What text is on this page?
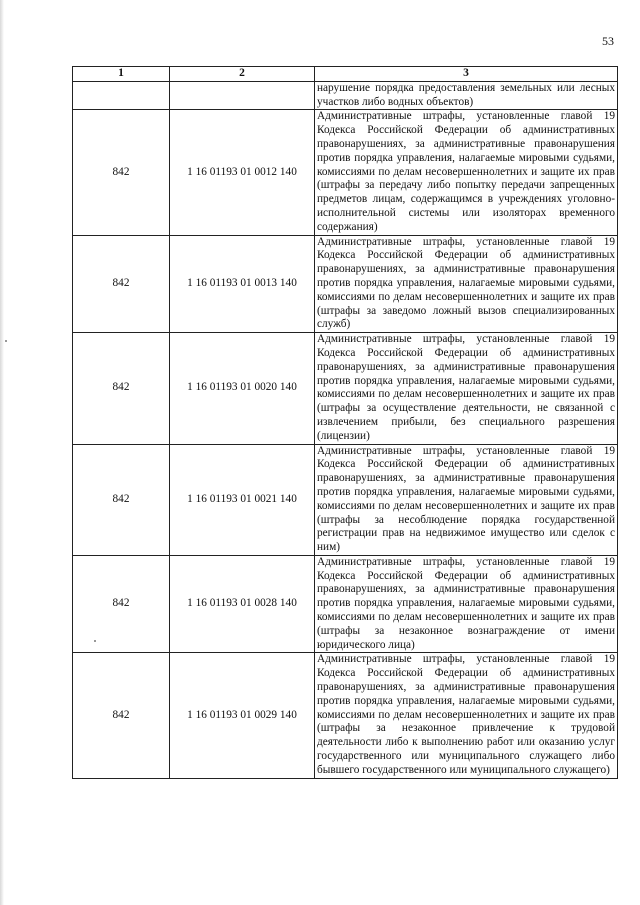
53
1	2	3

		нарушение порядка предоставления земельных или лесных участков либо водных объектов)

842	1 16 01193 01 0012 140	Административные штрафы, установленные главой 19 Кодекса Российской Федерации об административных правонарушениях, за административные правонарушения против порядка управления, налагаемые мировыми судьями, комиссиями по делам несовершеннолетних и защите их прав (штрафы за передачу либо попытку передачи запрещенных предметов лицам, содержащимся в учреждениях уголовно-исполнительной системы или изоляторах временного содержания)

842	1 16 01193 01 0013 140	Административные штрафы, установленные главой 19 Кодекса Российской Федерации об административных правонарушениях, за административные правонарушения против порядка управления, налагаемые мировыми судьями, комиссиями по делам несовершеннолетних и защите их прав (штрафы за заведомо ложный вызов специализированных служб)

842	1 16 01193 01 0020 140	Административные штрафы, установленные главой 19 Кодекса Российской Федерации об административных правонарушениях, за административные правонарушения против порядка управления, налагаемые мировыми судьями, комиссиями по делам несовершеннолетних и защите их прав (штрафы за осуществление деятельности, не связанной с извлечением прибыли, без специального разрешения (лицензии)

842	1 16 01193 01 0021 140	Административные штрафы, установленные главой 19 Кодекса Российской Федерации об административных правонарушениях, за административные правонарушения против порядка управления, налагаемые мировыми судьями, комиссиями по делам несовершеннолетних и защите их прав (штрафы за несоблюдение порядка государственной регистрации прав на недвижимое имущество или сделок с ним)

842	1 16 01193 01 0028 140	Административные штрафы, установленные главой 19 Кодекса Российской Федерации об административных правонарушениях, за административные правонарушения против порядка управления, налагаемые мировыми судьями, комиссиями по делам несовершеннолетних и защите их прав (штрафы за незаконное вознаграждение от имени юридического лица)

842	1 16 01193 01 0029 140	Административные штрафы, установленные главой 19 Кодекса Российской Федерации об административных правонарушениях, за административные правонарушения против порядка управления, налагаемые мировыми судьями, комиссиями по делам несовершеннолетних и защите их прав (штрафы за незаконное привлечение к трудовой деятельности либо к выполнению работ или оказанию услуг государственного или муниципального служащего либо бывшего государственного или муниципального служащего)
